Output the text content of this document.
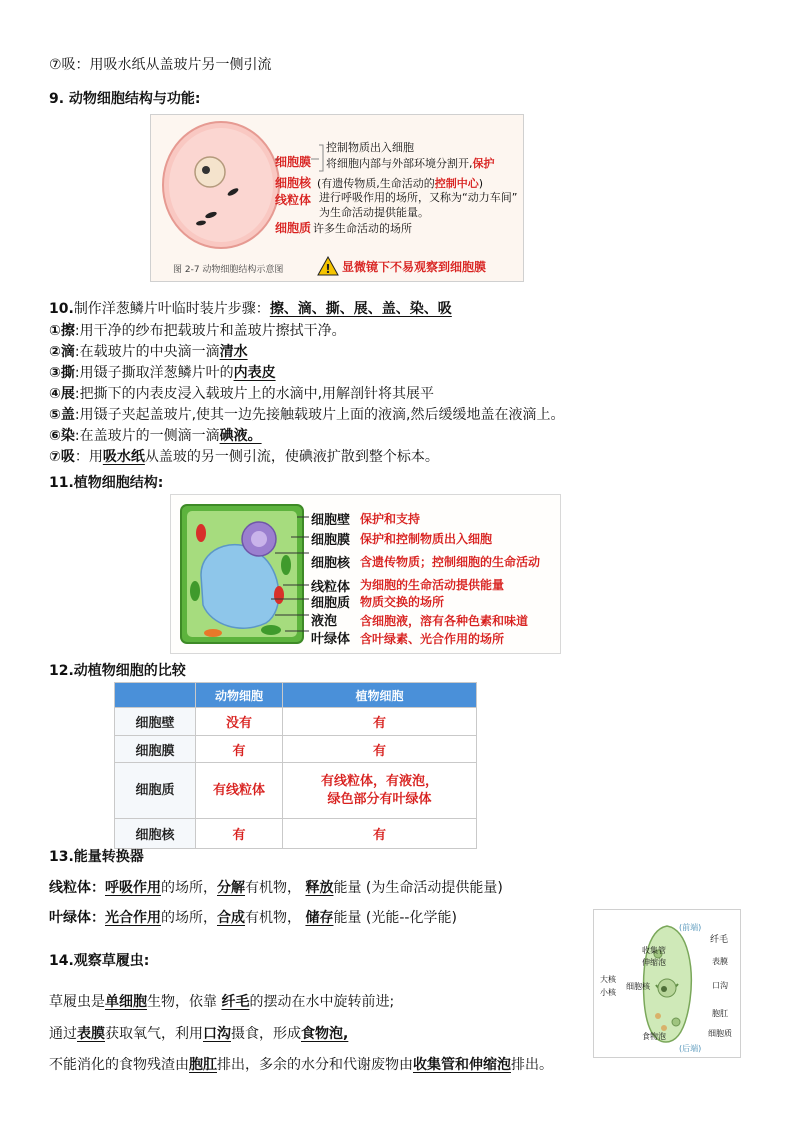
⑦吸：用吸水纸从盖玻片另一侧引流
9. 动物细胞结构与功能:
细胞膜
控制物质出入细胞
将细胞内部与外部环境分割开,保护
细胞核 (有遗传物质,生命活动的控制中心)
线粒体 进行呼吸作用的场所，又称为“动力车间”
为生命活动提供能量。
细胞质 许多生命活动的场所
图 2-7 动物细胞结构示意图	! 显微镜下不易观察到细胞膜
10.制作洋葱鳞片叶临时装片步骤：擦、滴、撕、展、盖、染、吸
①擦:用干净的纱布把载玻片和盖玻片擦拭干净。
②滴:在载玻片的中央滴一滴清水
③撕:用镊子撕取洋葱鳞片叶的内表皮
④展:把撕下的内表皮浸入载玻片上的水滴中,用解剖针将其展平
⑤盖:用镊子夹起盖玻片,使其一边先接触载玻片上面的液滴,然后缓缓地盖在液滴上。
⑥染:在盖玻片的一侧滴一滴碘液。
⑦吸：用吸水纸从盖玻的另一侧引流，使碘液扩散到整个标本。
11.植物细胞结构:
细胞壁 保护和支持
细胞膜 保护和控制物质出入细胞
细胞核 含遗传物质；控制细胞的生命活动
线粒体 为细胞的生命活动提供能量
细胞质 物质交换的场所
液泡 含细胞液，溶有各种色素和味道
叶绿体 含叶绿素、光合作用的场所
12.动植物细胞的比较
	动物细胞	植物细胞
细胞壁	没有	有
细胞膜	有	有
细胞质	有线粒体	有线粒体，有液泡，
绿色部分有叶绿体

细胞核	有	有
13.能量转换器
线粒体：呼吸作用的场所，分解有机物， 释放能量 (为生命活动提供能量)
叶绿体：光合作用的场所，合成有机物， 储存能量 (光能--化学能)
14.观察草履虫:
草履虫是单细胞生物，依靠 纤毛的摆动在水中旋转前进;
通过表膜获取氧气，利用口沟摄食，形成食物泡,
不能消化的食物残渣由胞肛排出，多余的水分和代谢废物由收集管和伸缩泡排出。
(前端)
(后端)
纤毛
收集管
伸缩泡	表膜
大核
小核
细胞核	口沟
胞肛
食物泡	细胞质
